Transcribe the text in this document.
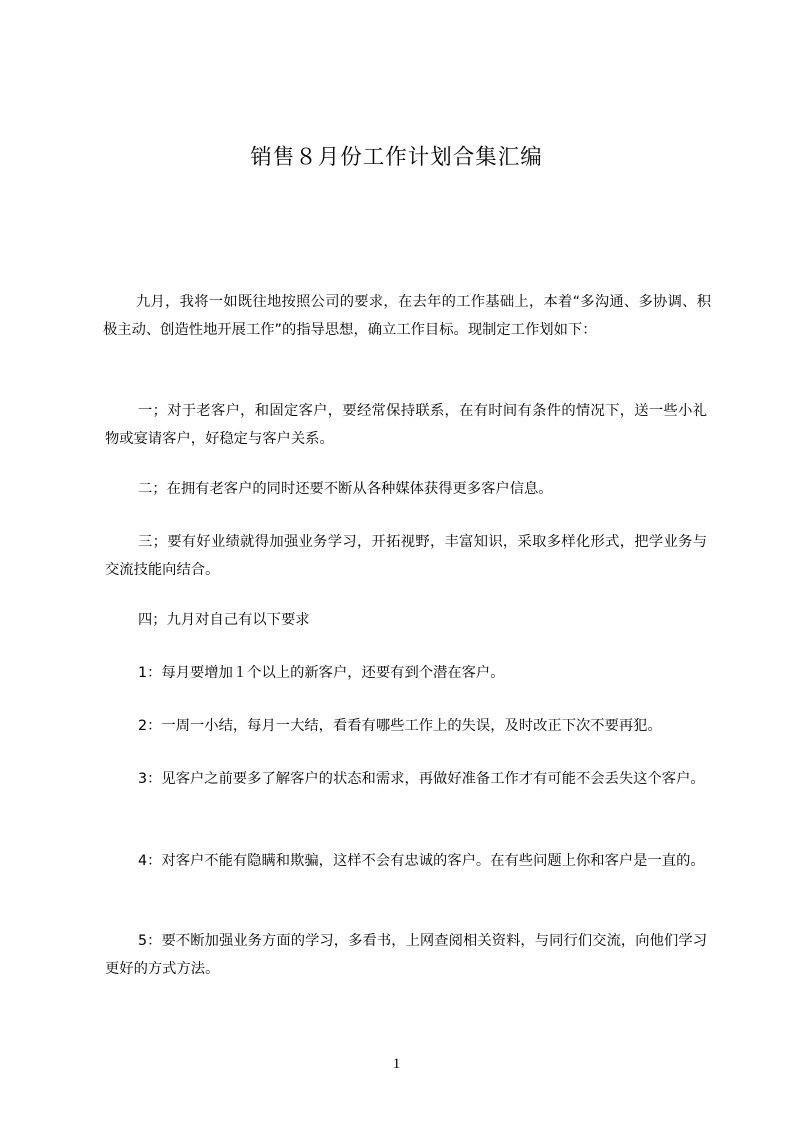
销售８月份工作计划合集汇编

九月，我将一如既往地按照公司的要求，在去年的工作基础上，本着“多沟通、多协调、积极主动、创造性地开展工作”的指导思想，确立工作目标。现制定工作划如下：

一；对于老客户，和固定客户，要经常保持联系，在有时间有条件的情况下，送一些小礼物或宴请客户，好稳定与客户关系。

二；在拥有老客户的同时还要不断从各种媒体获得更多客户信息。

三；要有好业绩就得加强业务学习，开拓视野，丰富知识，采取多样化形式，把学业务与交流技能向结合。

四；九月对自己有以下要求

1：每月要增加１个以上的新客户，还要有到个潜在客户。

2：一周一小结，每月一大结，看看有哪些工作上的失误，及时改正下次不要再犯。

3：见客户之前要多了解客户的状态和需求，再做好准备工作才有可能不会丢失这个客户。

4：对客户不能有隐瞒和欺骗，这样不会有忠诚的客户。在有些问题上你和客户是一直的。

5：要不断加强业务方面的学习，多看书，上网查阅相关资料，与同行们交流，向他们学习更好的方式方法。

1
